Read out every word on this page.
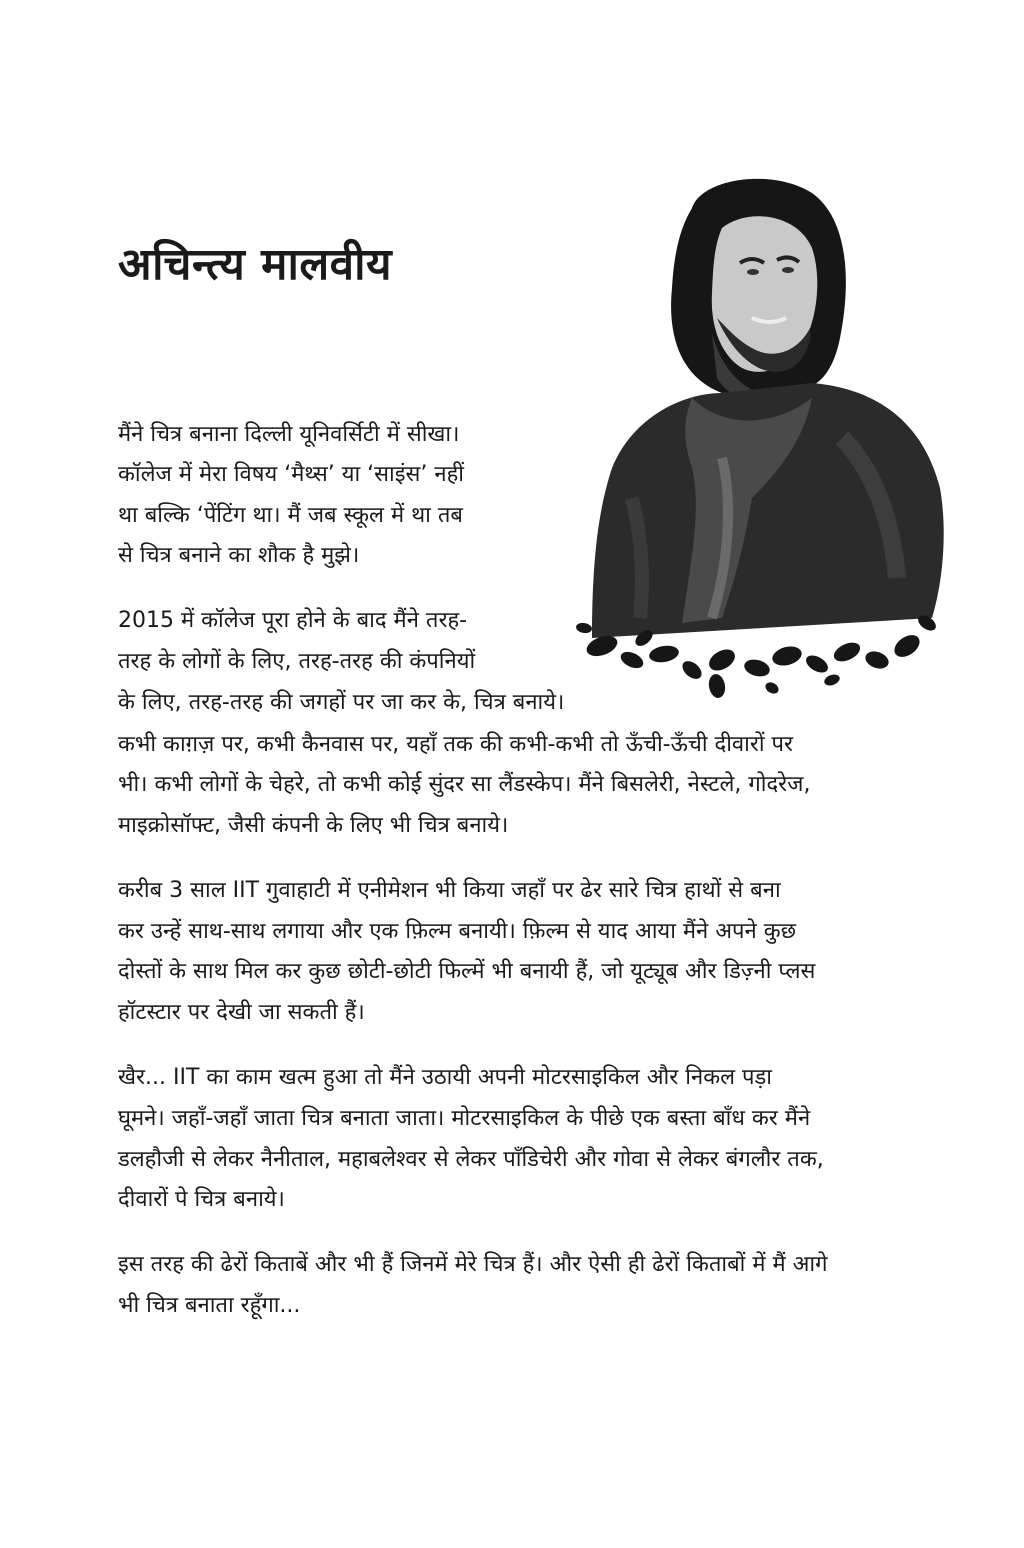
अचिन्त्य मालवीय
मैंने चित्र बनाना दिल्ली यूनिवर्सिटी में सीखा।
कॉलेज में मेरा विषय ‘मैथ्स’ या ‘साइंस’ नहीं
था बल्कि ‘पेंटिंग था। मैं जब स्कूल में था तब
से चित्र बनाने का शौक है मुझे।
2015 में कॉलेज पूरा होने के बाद मैंने तरह-
तरह के लोगों के लिए, तरह-तरह की कंपनियों
के लिए, तरह-तरह की जगहों पर जा कर के, चित्र बनाये।
कभी काग़ज़ पर, कभी कैनवास पर, यहाँ तक की कभी-कभी तो ऊँची-ऊँची दीवारों पर
भी। कभी लोगों के चेहरे, तो कभी कोई सुंदर सा लैंडस्केप। मैंने बिसलेरी, नेस्टले, गोदरेज,
माइक्रोसॉफ्ट, जैसी कंपनी के लिए भी चित्र बनाये।
करीब 3 साल IIT गुवाहाटी में एनीमेशन भी किया जहाँ पर ढेर सारे चित्र हाथों से बना
कर उन्हें साथ-साथ लगाया और एक फ़िल्म बनायी। फ़िल्म से याद आया मैंने अपने कुछ
दोस्तों के साथ मिल कर कुछ छोटी-छोटी फिल्में भी बनायी हैं, जो यूट्यूब और डिज़्नी प्लस
हॉटस्टार पर देखी जा सकती हैं।
खैर... IIT का काम खत्म हुआ तो मैंने उठायी अपनी मोटरसाइकिल और निकल पड़ा
घूमने। जहाँ-जहाँ जाता चित्र बनाता जाता। मोटरसाइकिल के पीछे एक बस्ता बाँध कर मैंने
डलहौजी से लेकर नैनीताल, महाबलेश्वर से लेकर पाँडिचेरी और गोवा से लेकर बंगलौर तक,
दीवारों पे चित्र बनाये।
इस तरह की ढेरों किताबें और भी हैं जिनमें मेरे चित्र हैं। और ऐसी ही ढेरों किताबों में मैं आगे
भी चित्र बनाता रहूँगा...
